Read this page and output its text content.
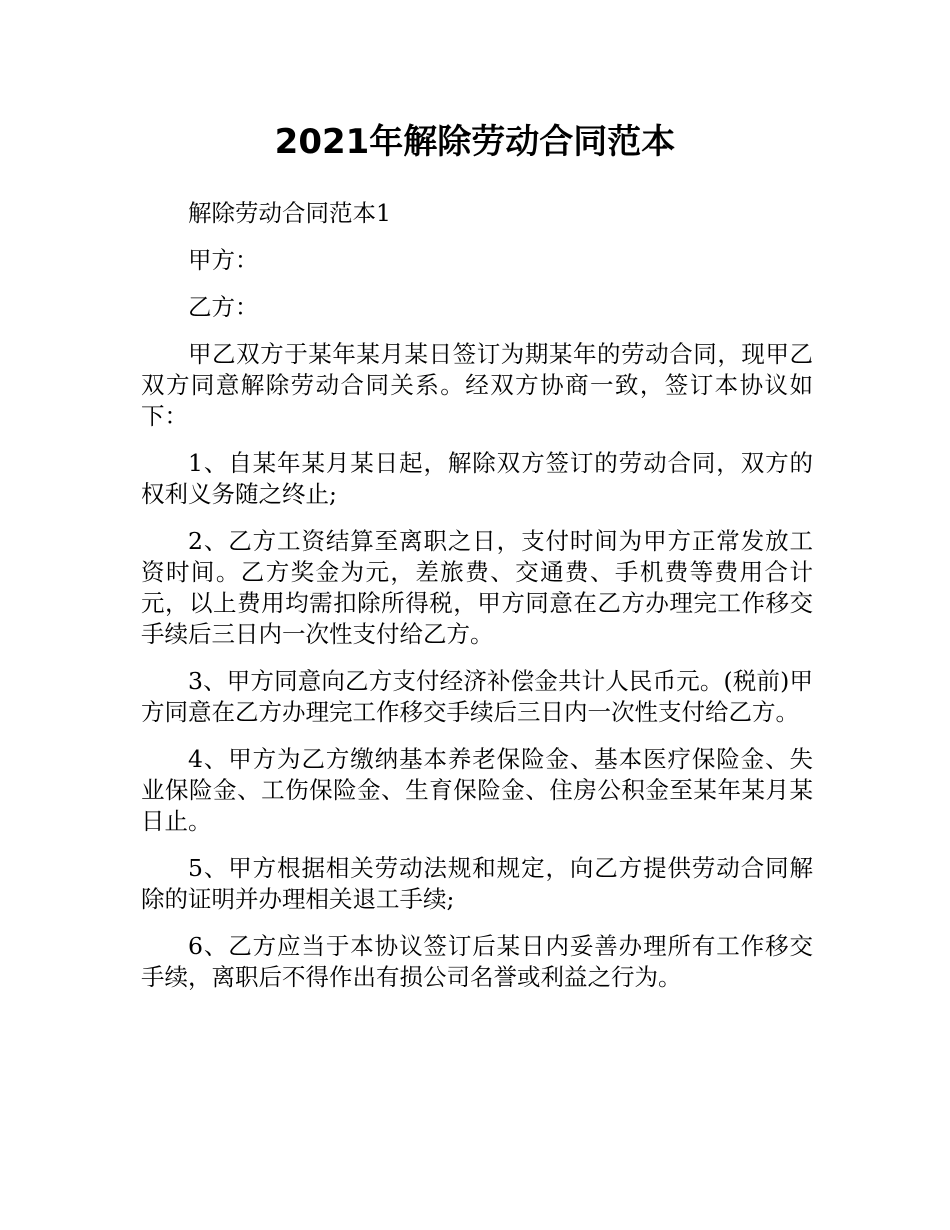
2021年解除劳动合同范本

解除劳动合同范本1

甲方：

乙方：

甲乙双方于某年某月某日签订为期某年的劳动合同，现甲乙双方同意解除劳动合同关系。经双方协商一致，签订本协议如下：

1、自某年某月某日起，解除双方签订的劳动合同，双方的权利义务随之终止;

2、乙方工资结算至离职之日，支付时间为甲方正常发放工资时间。乙方奖金为元，差旅费、交通费、手机费等费用合计元，以上费用均需扣除所得税，甲方同意在乙方办理完工作移交手续后三日内一次性支付给乙方。

3、甲方同意向乙方支付经济补偿金共计人民币元。(税前)甲方同意在乙方办理完工作移交手续后三日内一次性支付给乙方。

4、甲方为乙方缴纳基本养老保险金、基本医疗保险金、失业保险金、工伤保险金、生育保险金、住房公积金至某年某月某日止。

5、甲方根据相关劳动法规和规定，向乙方提供劳动合同解除的证明并办理相关退工手续;

6、乙方应当于本协议签订后某日内妥善办理所有工作移交手续，离职后不得作出有损公司名誉或利益之行为。
